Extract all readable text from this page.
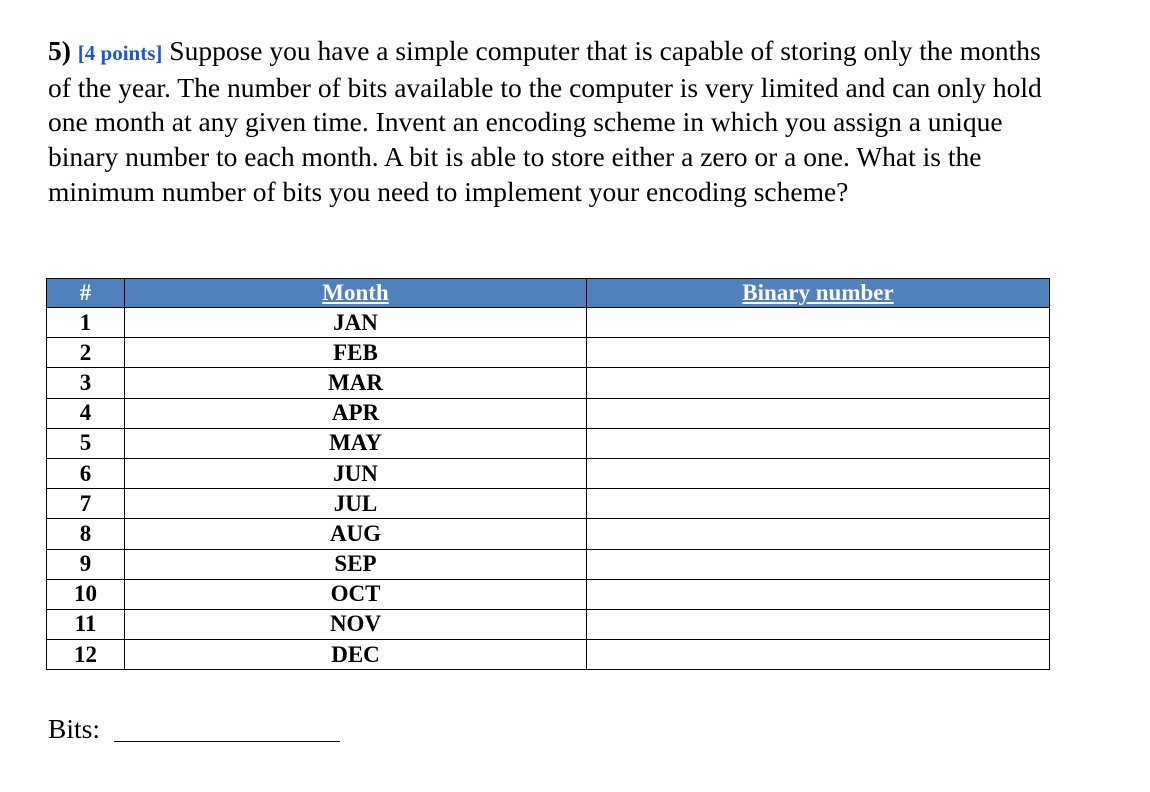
5) [4 points] Suppose you have a simple computer that is capable of storing only the months of the year. The number of bits available to the computer is very limited and can only hold one month at any given time. Invent an encoding scheme in which you assign a unique binary number to each month. A bit is able to store either a zero or a one. What is the minimum number of bits you need to implement your encoding scheme?
#	Month	Binary number
1	JAN	
2	FEB	
3	MAR	
4	APR	
5	MAY	
6	JUN	
7	JUL	
8	AUG	
9	SEP	
10	OCT	
11	NOV	
12	DEC	
Bits:
